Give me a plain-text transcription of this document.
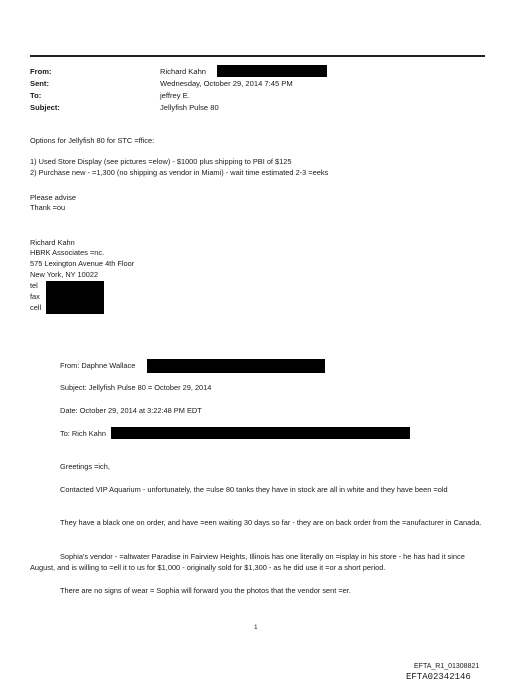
From:	Richard Kahn
Sent:	Wednesday, October 29, 2014 7:45 PM
To:	jeffrey E.
Subject:	Jellyfish Pulse 80
Options for Jellyfish 80 for STC =ffice:
1) Used Store Display (see pictures =elow) - $1000 plus shipping to PBI of $125
2) Purchase new - =1,300 (no shipping as vendor in Miami) - wait time estimated 2-3 =eeks
Please advise
Thank =ou
Richard Kahn
HBRK Associates =nc.
575 Lexington Avenue 4th Floor
New York, NY 10022
tel
fax
cell
From: Daphne Wallace
Subject: Jellyfish Pulse 80 = October 29, 2014
Date: October 29, 2014 at 3:22:48 PM EDT
To: Rich Kahn
Greetings =ich,
Contacted VIP Aquarium - unfortunately, the =ulse 80 tanks they have in stock are all in white and they have been =old
They have a black one on order, and have =een waiting 30 days so far - they are on back order from the =anufacturer in Canada.
Sophia's vendor - =altwater Paradise in Fairview Heights, Illinois has one literally on =isplay in his store - he has had it since August, and is willing to =ell it to us for $1,000 - originally sold for $1,300 - as he did use it =or a short period.
There are no signs of wear = Sophia will forward you the photos that the vendor sent =er.
1
EFTA_R1_01308821
EFTA02342146
